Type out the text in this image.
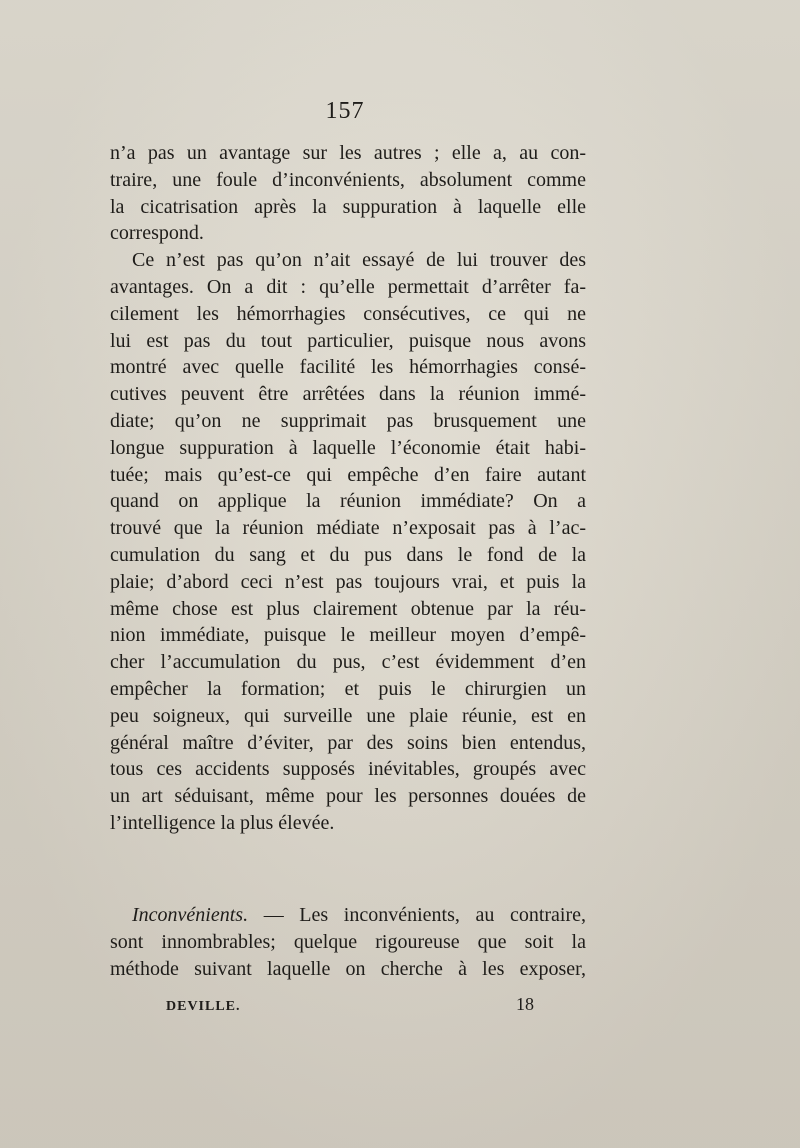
157
n’a pas un avantage sur les autres ; elle a, au con-
traire, une foule d’inconvénients, absolument comme
la cicatrisation après la suppuration à laquelle elle
correspond.
Ce n’est pas qu’on n’ait essayé de lui trouver des
avantages. On a dit : qu’elle permettait d’arrêter fa-
cilement les hémorrhagies consécutives, ce qui ne
lui est pas du tout particulier, puisque nous avons
montré avec quelle facilité les hémorrhagies consé-
cutives peuvent être arrêtées dans la réunion immé-
diate; qu’on ne supprimait pas brusquement une
longue suppuration à laquelle l’économie était habi-
tuée; mais qu’est-ce qui empêche d’en faire autant
quand on applique la réunion immédiate? On a
trouvé que la réunion médiate n’exposait pas à l’ac-
cumulation du sang et du pus dans le fond de la
plaie; d’abord ceci n’est pas toujours vrai, et puis la
même chose est plus clairement obtenue par la réu-
nion immédiate, puisque le meilleur moyen d’empê-
cher l’accumulation du pus, c’est évidemment d’en
empêcher la formation; et puis le chirurgien un
peu soigneux, qui surveille une plaie réunie, est en
général maître d’éviter, par des soins bien entendus,
tous ces accidents supposés inévitables, groupés avec
un art séduisant, même pour les personnes douées de
l’intelligence la plus élevée.
Inconvénients. — Les inconvénients, au contraire,
sont innombrables; quelque rigoureuse que soit la
méthode suivant laquelle on cherche à les exposer,
DEVILLE.	18
